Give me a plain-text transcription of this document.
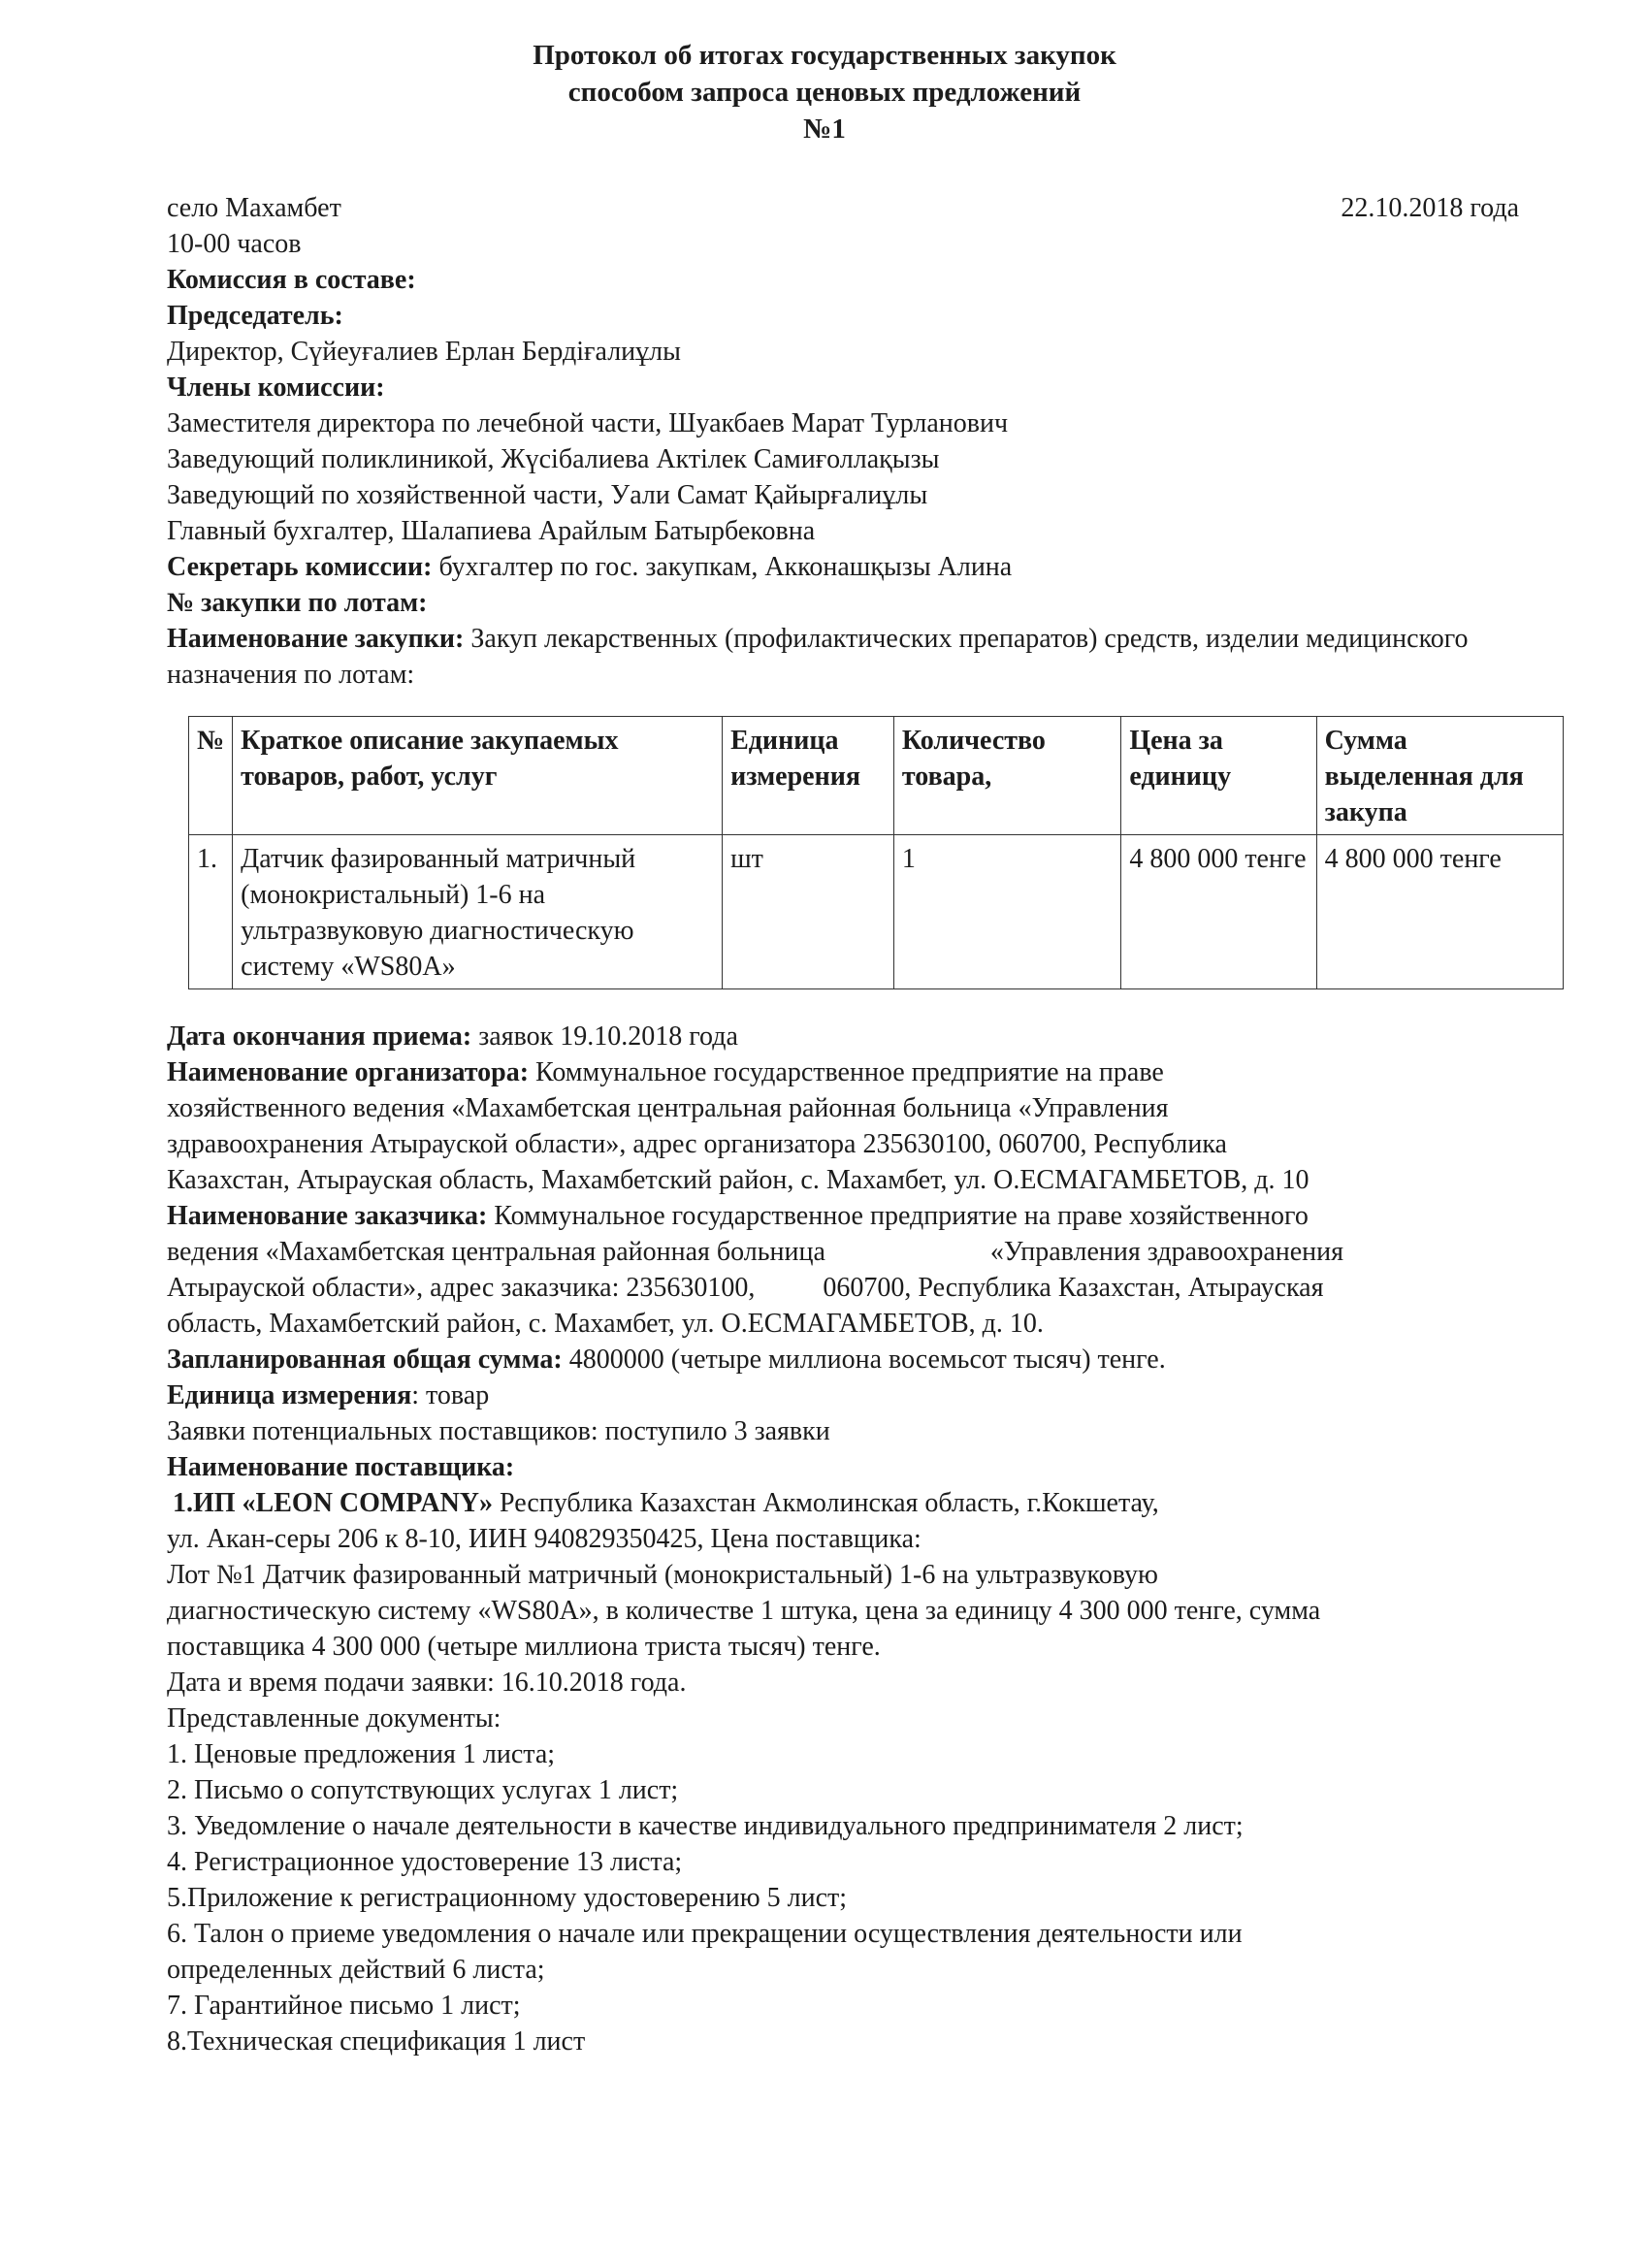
Протокол об итогах государственных закупок
способом запроса ценовых предложений
№1
село Махамбет	22.10.2018 года
10-00 часов
Комиссия в составе:
Председатель:
Директор, Сүйеуғалиев Ерлан Бердіғалиұлы
Члены комиссии:
Заместителя директора по лечебной части, Шуакбаев Марат Турланович
Заведующий поликлиникой, Жүсібалиева Актілек Самиғоллақызы
Заведующий по хозяйственной части, Уали Самат Қайырғалиұлы
Главный бухгалтер, Шалапиева Арайлым Батырбековна
Секретарь комиссии: бухгалтер по гос. закупкам, Акконашқызы Алина
№ закупки по лотам:
Наименование закупки: Закуп лекарственных (профилактических препаратов) средств, изделии медицинского назначения по лотам:
№	Краткое описание закупаемых товаров, работ, услуг	Единица измерения	Количество товара,	Цена за единицу	Сумма выделенная для закупа
1.	Датчик фазированный матричный (монокристальный) 1-6 на ультразвуковую диагностическую систему «WS80A»	шт	1	4 800 000 тенге	4 800 000 тенге
Дата окончания приема: заявок 19.10.2018 года
Наименование организатора: Коммунальное государственное предприятие на праве
хозяйственного ведения «Махамбетская центральная районная больница «Управления
здравоохранения Атырауской области», адрес организатора 235630100, 060700, Республика
Казахстан, Атырауская область, Махамбетский район, с. Махамбет, ул. О.ЕСМАГАМБЕТОВ, д. 10
Наименование заказчика: Коммунальное государственное предприятие на праве хозяйственного
ведения «Махамбетская центральная районная больница	«Управления здравоохранения
Атырауской области», адрес заказчика: 235630100,	060700, Республика Казахстан, Атырауская
область, Махамбетский район, с. Махамбет, ул. О.ЕСМАГАМБЕТОВ, д. 10.
Запланированная общая сумма: 4800000 (четыре миллиона восемьсот тысяч) тенге.
Единица измерения: товар
Заявки потенциальных поставщиков: поступило 3 заявки
Наименование поставщика:
1.ИП «LEON COMPANY» Республика Казахстан Акмолинская область, г.Кокшетау,
ул. Акан-серы 206 к 8-10, ИИН 940829350425, Цена поставщика:
Лот №1 Датчик фазированный матричный (монокристальный) 1-6 на ультразвуковую
диагностическую систему «WS80A», в количестве 1 штука, цена за единицу 4 300 000 тенге, сумма
поставщика 4 300 000 (четыре миллиона триста тысяч) тенге.
Дата и время подачи заявки: 16.10.2018 года.
Представленные документы:
1. Ценовые предложения 1 листа;
2. Письмо о сопутствующих услугах 1 лист;
3. Уведомление о начале деятельности в качестве индивидуального предпринимателя 2 лист;
4. Регистрационное удостоверение 13 листа;
5.Приложение к регистрационному удостоверению 5 лист;
6. Талон о приеме уведомления о начале или прекращении осуществления деятельности или
определенных действий 6 листа;
7. Гарантийное письмо 1 лист;
8.Техническая спецификация 1 лист
